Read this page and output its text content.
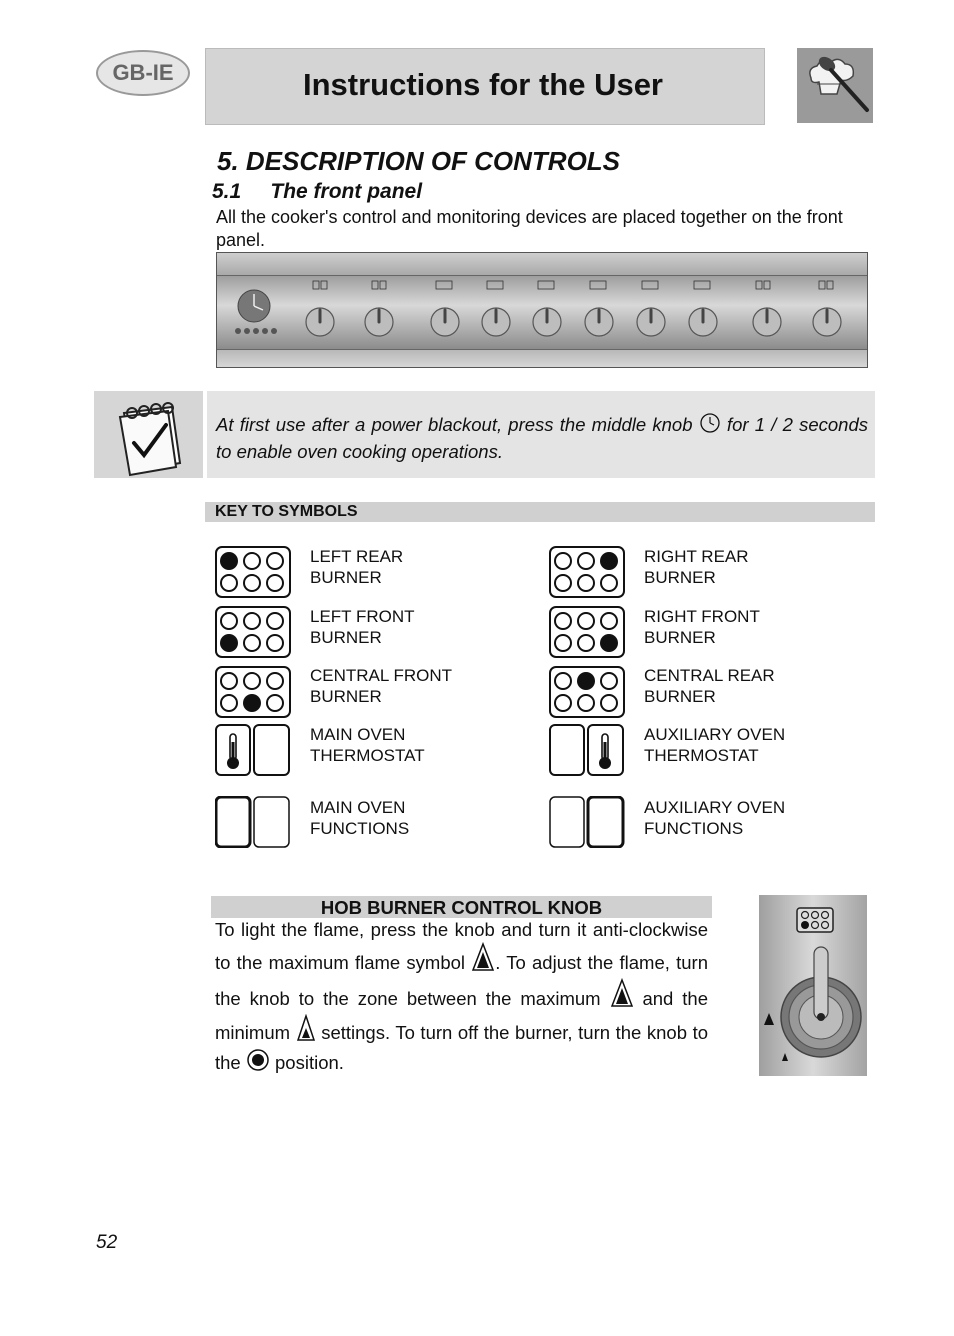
GB-IE	Instructions for the User
5. DESCRIPTION OF CONTROLS
5.1 The front panel
All the cooker's control and monitoring devices are placed together on the front panel.
At first use after a power blackout, press the middle knob  for 1 / 2 seconds to enable oven cooking operations.
KEY TO SYMBOLS
LEFT REAR
BURNER
LEFT FRONT
BURNER
CENTRAL FRONT
BURNER
MAIN OVEN
THERMOSTAT
MAIN OVEN
FUNCTIONS
RIGHT REAR
BURNER
RIGHT FRONT
BURNER
CENTRAL REAR
BURNER
AUXILIARY OVEN
THERMOSTAT
AUXILIARY OVEN
FUNCTIONS
HOB BURNER CONTROL KNOB
To light the flame, press the knob and turn it anti-clockwise to the maximum flame symbol . To adjust the flame, turn the knob to the zone between the maximum and the minimum settings. To turn off the burner, turn the knob to the position.
52
